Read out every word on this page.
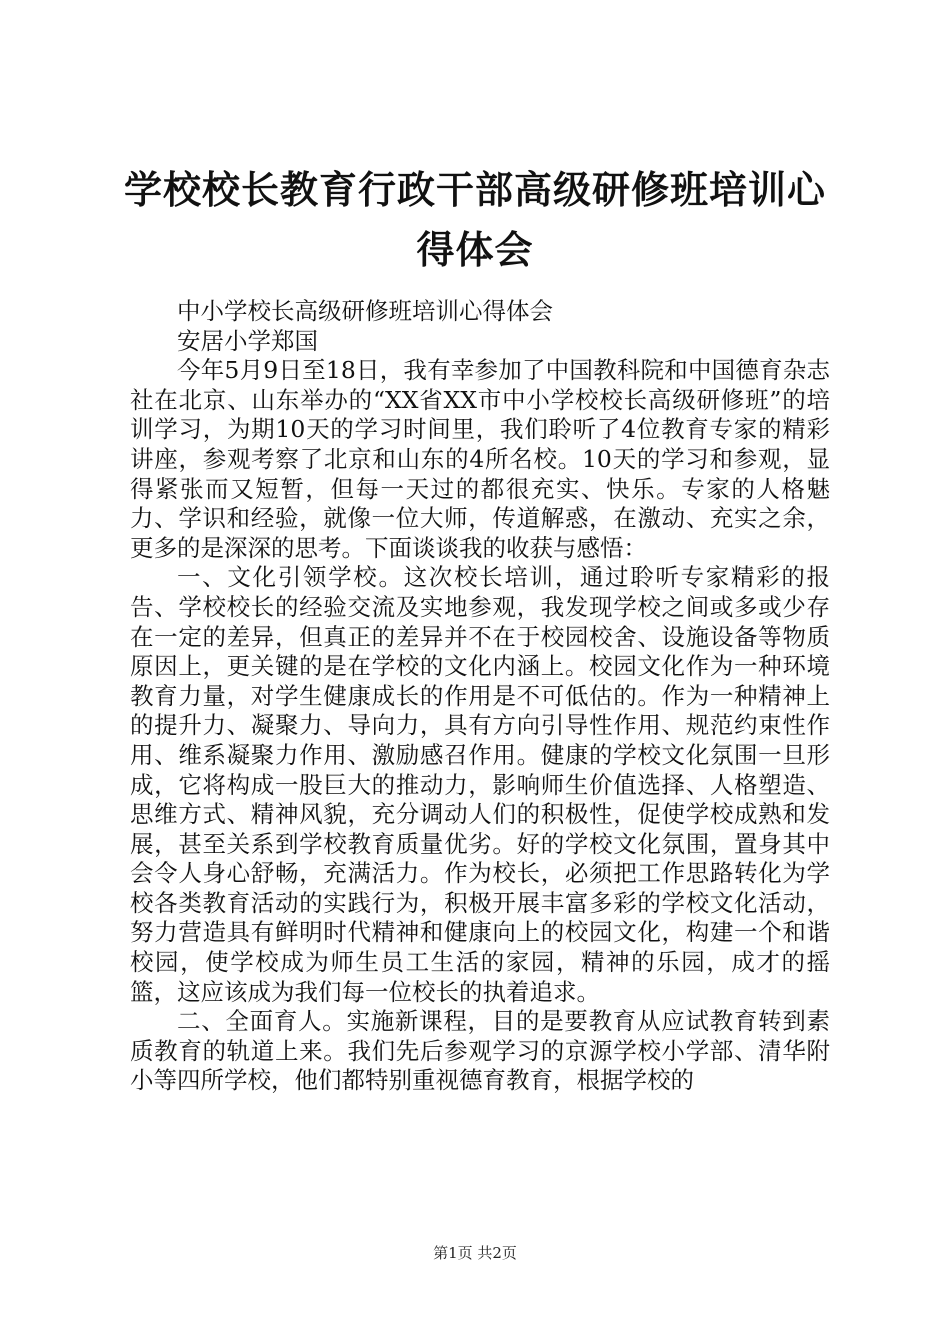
学校校长教育行政干部高级研修班培训心得体会

中小学校长高级研修班培训心得体会

安居小学郑国

今年5月9日至18日，我有幸参加了中国教科院和中国德育杂志社在北京、山东举办的“XX省XX市中小学校校长高级研修班”的培训学习，为期10天的学习时间里，我们聆听了4位教育专家的精彩讲座，参观考察了北京和山东的4所名校。10天的学习和参观，显得紧张而又短暂，但每一天过的都很充实、快乐。专家的人格魅力、学识和经验，就像一位大师，传道解惑，在激动、充实之余，更多的是深深的思考。下面谈谈我的收获与感悟：

一、文化引领学校。这次校长培训，通过聆听专家精彩的报告、学校校长的经验交流及实地参观，我发现学校之间或多或少存在一定的差异，但真正的差异并不在于校园校舍、设施设备等物质原因上，更关键的是在学校的文化内涵上。校园文化作为一种环境教育力量，对学生健康成长的作用是不可低估的。作为一种精神上的提升力、凝聚力、导向力，具有方向引导性作用、规范约束性作用、维系凝聚力作用、激励感召作用。健康的学校文化氛围一旦形成，它将构成一股巨大的推动力，影响师生价值选择、人格塑造、思维方式、精神风貌，充分调动人们的积极性，促使学校成熟和发展，甚至关系到学校教育质量优劣。好的学校文化氛围，置身其中会令人身心舒畅，充满活力。作为校长，必须把工作思路转化为学校各类教育活动的实践行为，积极开展丰富多彩的学校文化活动，努力营造具有鲜明时代精神和健康向上的校园文化，构建一个和谐校园，使学校成为师生员工生活的家园，精神的乐园，成才的摇篮，这应该成为我们每一位校长的执着追求。

二、全面育人。实施新课程，目的是要教育从应试教育转到素质教育的轨道上来。我们先后参观学习的京源学校小学部、清华附小等四所学校，他们都特别重视德育教育，根据学校的

第1页 共2页
